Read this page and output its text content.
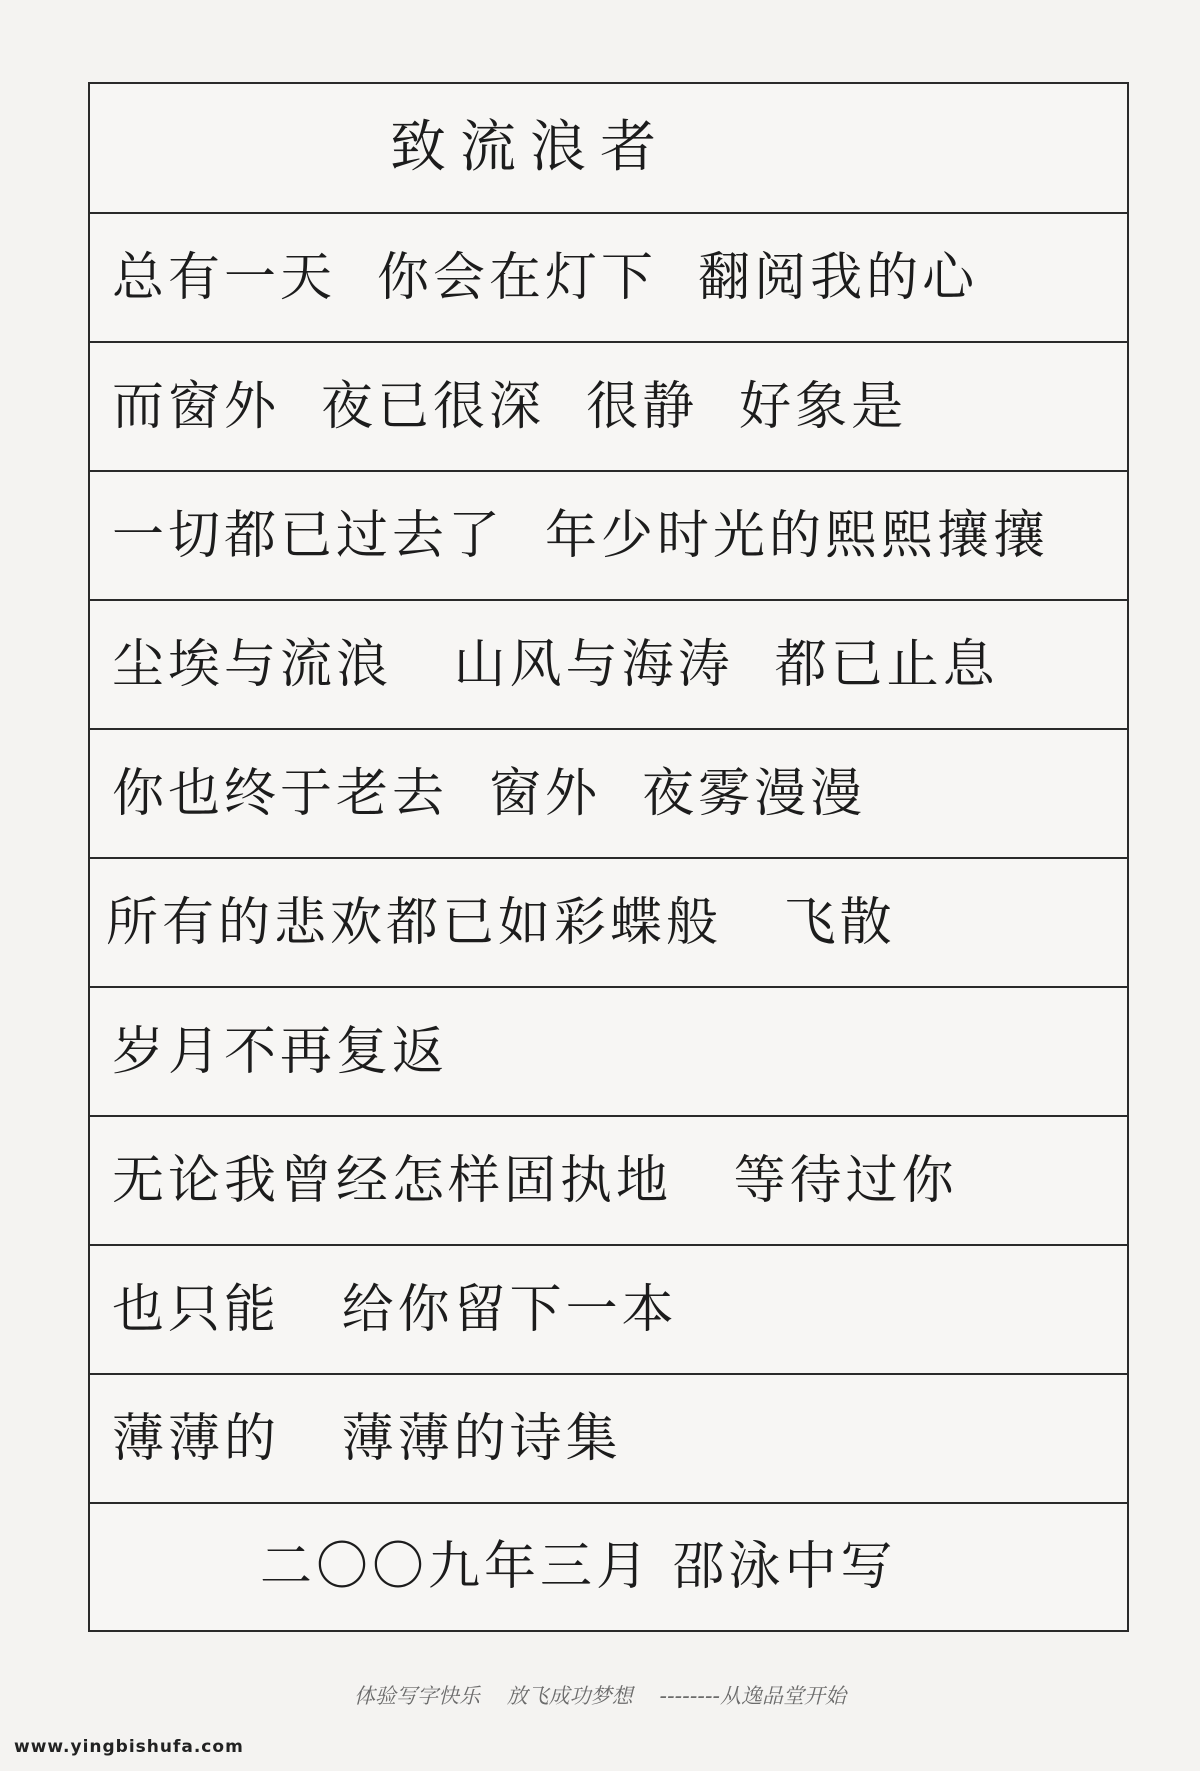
致流浪者
总有一天  你会在灯下  翻阅我的心
而窗外  夜已很深  很静  好象是
一切都已过去了  年少时光的熙熙攘攘
尘埃与流浪   山风与海涛  都已止息
你也终于老去  窗外  夜雾漫漫
所有的悲欢都已如彩蝶般   飞散
岁月不再复返
无论我曾经怎样固执地   等待过你
也只能   给你留下一本
薄薄的   薄薄的诗集
二〇〇九年三月 邵泳中写
体验写字快乐    放飞成功梦想    --------从逸品堂开始
www.yingbishufa.com
